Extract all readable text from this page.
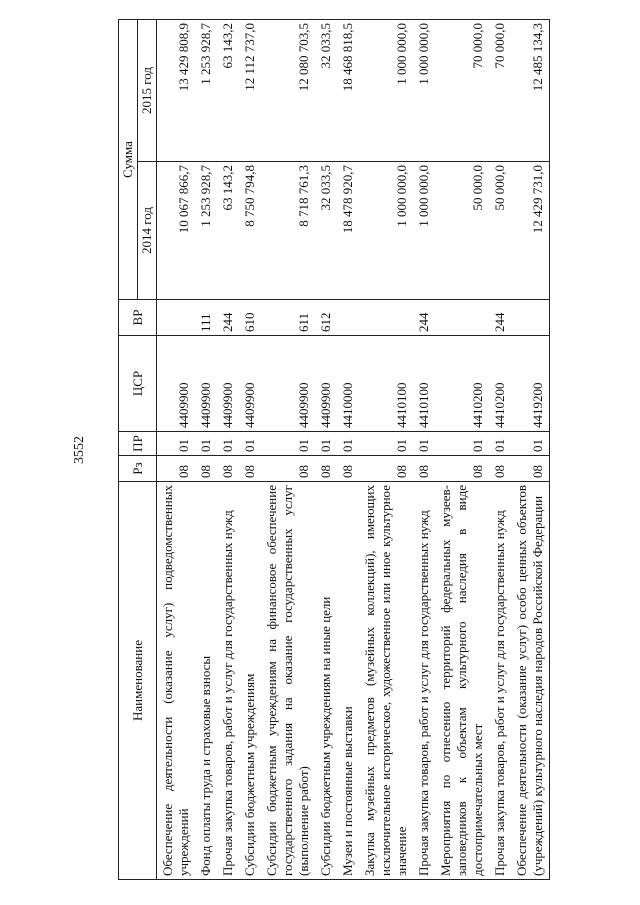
3552
Наименование	Рз	ПР	ЦСР	ВР	Сумма	
					2014 год	2015 год
Обеспечение деятельности (оказание услуг) подведомственных учреждений	08	01	4409900		10 067 866,7	13 429 808,9
Фонд оплаты труда и страховые взносы	08	01	4409900	111	1 253 928,7	1 253 928,7
Прочая закупка товаров, работ и услуг для государственных нужд	08	01	4409900	244	63 143,2	63 143,2
Субсидии бюджетным учреждениям	08	01	4409900	610	8 750 794,8	12 112 737,0
Субсидии бюджетным учреждениям на финансовое обеспечение государственного задания на оказание государственных услуг (выполнение работ)	08	01	4409900	611	8 718 761,3	12 080 703,5
Субсидии бюджетным учреждениям на иные цели	08	01	4409900	612	32 033,5	32 033,5
Музеи и постоянные выставки	08	01	4410000		18 478 920,7	18 468 818,5
Закупка музейных предметов (музейных коллекций), имеющих исключительное историческое, художественное или иное культурное значение	08	01	4410100		1 000 000,0	1 000 000,0
Прочая закупка товаров, работ и услуг для государственных нужд	08	01	4410100	244	1 000 000,0	1 000 000,0
Мероприятия по отнесению территорий федеральных музеев-заповедников к объектам культурного наследия в виде достопримечательных мест	08	01	4410200		50 000,0	70 000,0
Прочая закупка товаров, работ и услуг для государственных нужд	08	01	4410200	244	50 000,0	70 000,0
Обеспечение деятельности (оказание услуг) особо ценных объектов (учреждений) культурного наследия народов Российской Федерации	08	01	4419200		12 429 731,0	12 485 134,3
